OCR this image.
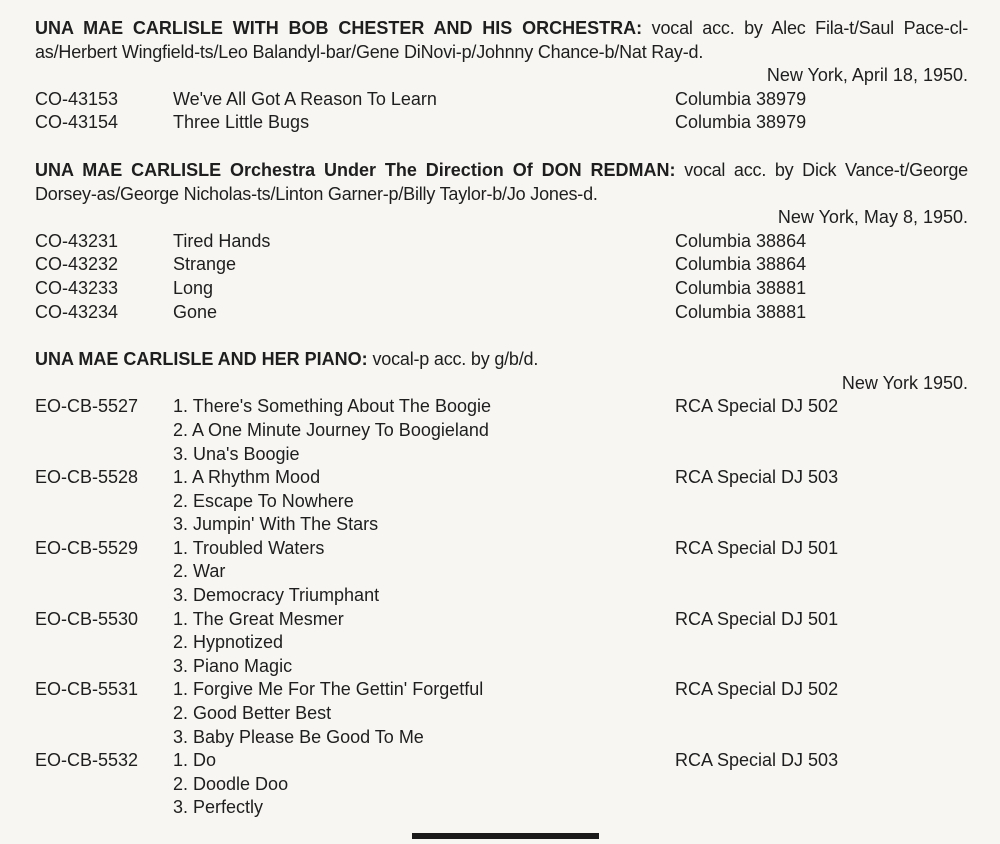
UNA MAE CARLISLE WITH BOB CHESTER AND HIS ORCHESTRA: vocal acc. by Alec Fila-t/Saul Pace-cl-as/Herbert Wingfield-ts/Leo Balandyl-bar/Gene DiNovi-p/Johnny Chance-b/Nat Ray-d.
New York, April 18, 1950.
CO-43153	We've All Got A Reason To Learn	Columbia 38979
CO-43154	Three Little Bugs	Columbia 38979
UNA MAE CARLISLE Orchestra Under The Direction Of DON REDMAN: vocal acc. by Dick Vance-t/George Dorsey-as/George Nicholas-ts/Linton Garner-p/Billy Taylor-b/Jo Jones-d.
New York, May 8, 1950.
CO-43231	Tired Hands	Columbia 38864
CO-43232	Strange	Columbia 38864
CO-43233	Long	Columbia 38881
CO-43234	Gone	Columbia 38881
UNA MAE CARLISLE AND HER PIANO: vocal-p acc. by g/b/d.
New York 1950.
EO-CB-5527	1. There's Something About The Boogie	RCA Special DJ 502
2. A One Minute Journey To Boogieland
3. Una's Boogie
EO-CB-5528	1. A Rhythm Mood	RCA Special DJ 503
2. Escape To Nowhere
3. Jumpin' With The Stars
EO-CB-5529	1. Troubled Waters	RCA Special DJ 501
2. War
3. Democracy Triumphant
EO-CB-5530	1. The Great Mesmer	RCA Special DJ 501
2. Hypnotized
3. Piano Magic
EO-CB-5531	1. Forgive Me For The Gettin' Forgetful	RCA Special DJ 502
2. Good Better Best
3. Baby Please Be Good To Me
EO-CB-5532	1. Do	RCA Special DJ 503
2. Doodle Doo
3. Perfectly
